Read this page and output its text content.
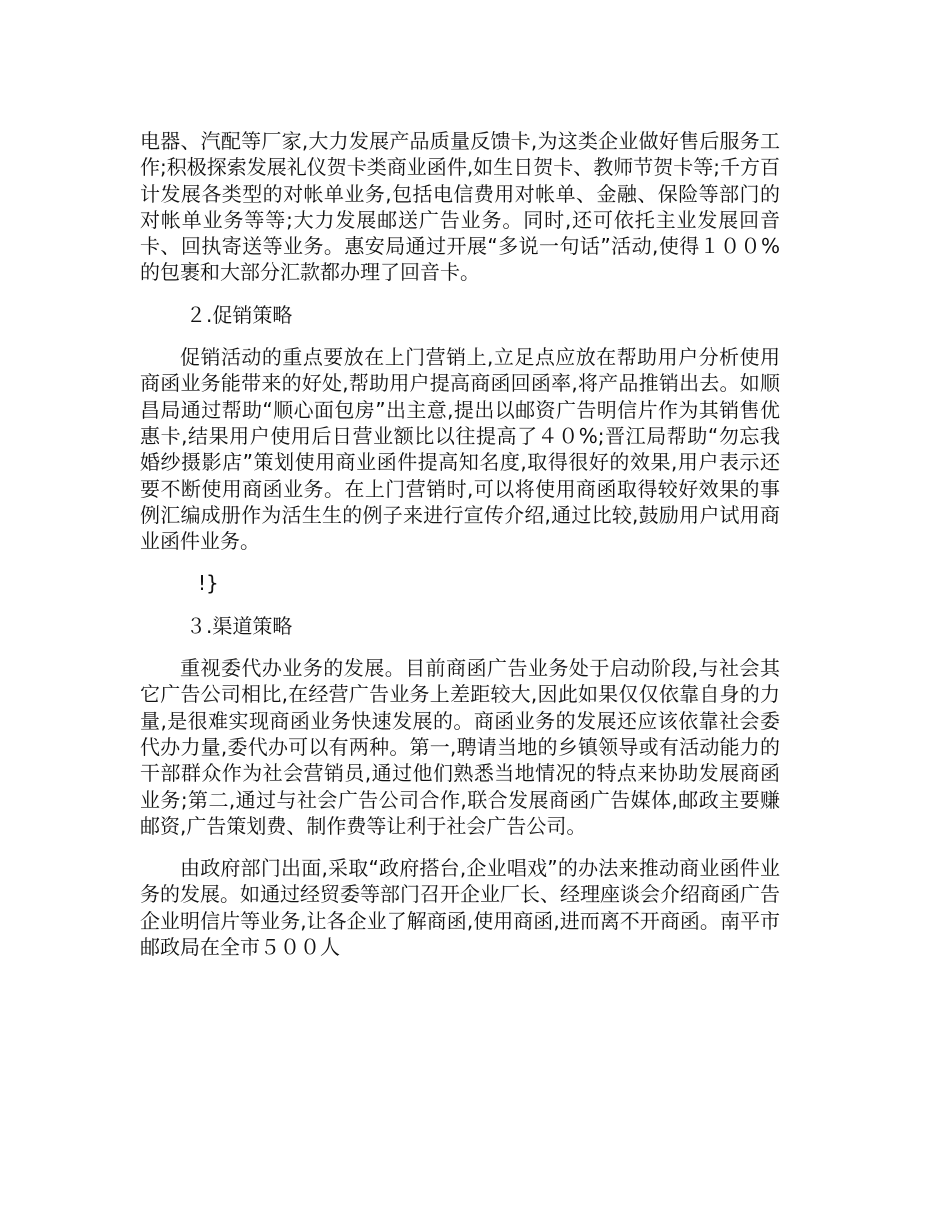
电器、汽配等厂家,大力发展产品质量反馈卡,为这类企业做好售后服务工作;积极探索发展礼仪贺卡类商业函件,如生日贺卡、教师节贺卡等;千方百计发展各类型的对帐单业务,包括电信费用对帐单、金融、保险等部门的对帐单业务等等;大力发展邮送广告业务。同时,还可依托主业发展回音卡、回执寄送等业务。惠安局通过开展“多说一句话”活动,使得１００%的包裹和大部分汇款都办理了回音卡。

２.促销策略

促销活动的重点要放在上门营销上,立足点应放在帮助用户分析使用商函业务能带来的好处,帮助用户提高商函回函率,将产品推销出去。如顺昌局通过帮助“顺心面包房”出主意,提出以邮资广告明信片作为其销售优惠卡,结果用户使用后日营业额比以往提高了４０%;晋江局帮助“勿忘我婚纱摄影店”策划使用商业函件提高知名度,取得很好的效果,用户表示还要不断使用商函业务。在上门营销时,可以将使用商函取得较好效果的事例汇编成册作为活生生的例子来进行宣传介绍,通过比较,鼓励用户试用商业函件业务。

!}

３.渠道策略

重视委代办业务的发展。目前商函广告业务处于启动阶段,与社会其它广告公司相比,在经营广告业务上差距较大,因此如果仅仅依靠自身的力量,是很难实现商函业务快速发展的。商函业务的发展还应该依靠社会委代办力量,委代办可以有两种。第一,聘请当地的乡镇领导或有活动能力的干部群众作为社会营销员,通过他们熟悉当地情况的特点来协助发展商函业务;第二,通过与社会广告公司合作,联合发展商函广告媒体,邮政主要赚邮资,广告策划费、制作费等让利于社会广告公司。

由政府部门出面,采取“政府搭台,企业唱戏”的办法来推动商业函件业务的发展。如通过经贸委等部门召开企业厂长、经理座谈会介绍商函广告企业明信片等业务,让各企业了解商函,使用商函,进而离不开商函。南平市邮政局在全市５００人
